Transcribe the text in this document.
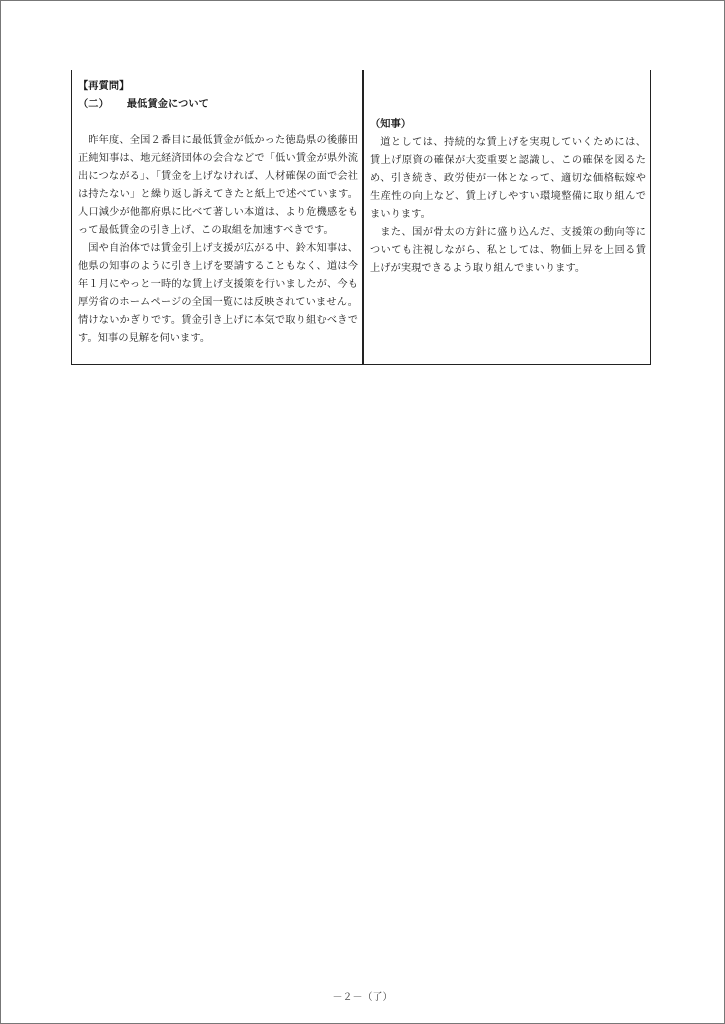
【再質問】
（二） 最低賃金について

昨年度、全国２番目に最低賃金が低かった徳島県の後藤田正純知事は、地元経済団体の会合などで「低い賃金が県外流出につながる」、「賃金を上げなければ、人材確保の面で会社は持たない」と繰り返し訴えてきたと紙上で述べています。人口減少が他都府県に比べて著しい本道は、より危機感をもって最低賃金の引き上げ、この取組を加速すべきです。

国や自治体では賃金引上げ支援が広がる中、鈴木知事は、他県の知事のように引き上げを要請することもなく、道は今年１月にやっと一時的な賃上げ支援策を行いましたが、今も厚労省のホームページの全国一覧には反映されていません。情けないかぎりです。賃金引き上げに本気で取り組むべきです。知事の見解を伺います。

（知事）

道としては、持続的な賃上げを実現していくためには、賃上げ原資の確保が大変重要と認識し、この確保を図るため、引き続き、政労使が一体となって、適切な価格転嫁や生産性の向上など、賃上げしやすい環境整備に取り組んでまいります。

また、国が骨太の方針に盛り込んだ、支援策の動向等についても注視しながら、私としては、物価上昇を上回る賃上げが実現できるよう取り組んでまいります。

－２－（了）
